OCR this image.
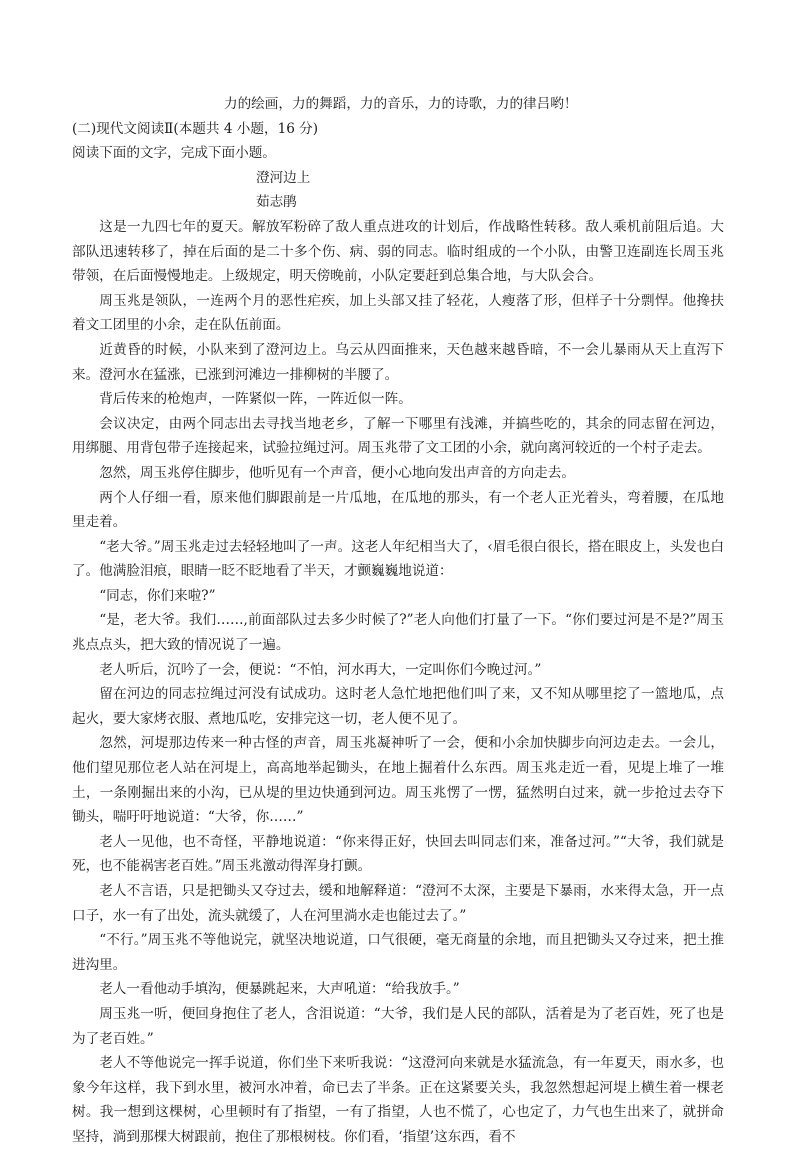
力的绘画，力的舞蹈，力的音乐，力的诗歌，力的律吕哟！

(二)现代文阅读Ⅱ(本题共 4 小题，16 分)

阅读下面的文字，完成下面小题。

澄河边上

茹志鹃

这是一九四七年的夏天。解放军粉碎了敌人重点进攻的计划后，作战略性转移。敌人乘机前阻后追。大部队迅速转移了，掉在后面的是二十多个伤、病、弱的同志。临时组成的一个小队，由警卫连副连长周玉兆带领，在后面慢慢地走。上级规定，明天傍晚前，小队定要赶到总集合地，与大队会合。

周玉兆是领队，一连两个月的恶性疟疾，加上头部又挂了轻花，人瘦落了形，但样子十分剽悍。他搀扶着文工团里的小余，走在队伍前面。

近黄昏的时候，小队来到了澄河边上。乌云从四面推来，天色越来越昏暗，不一会儿暴雨从天上直泻下来。澄河水在猛涨，已涨到河滩边一排柳树的半腰了。

背后传来的枪炮声，一阵紧似一阵，一阵近似一阵。

会议决定，由两个同志出去寻找当地老乡，了解一下哪里有浅滩，并搞些吃的，其余的同志留在河边，用绑腿、用背包带子连接起来，试验拉绳过河。周玉兆带了文工团的小余，就向离河较近的一个村子走去。

忽然，周玉兆停住脚步，他听见有一个声音，便小心地向发出声音的方向走去。

两个人仔细一看，原来他们脚跟前是一片瓜地，在瓜地的那头，有一个老人正光着头，弯着腰，在瓜地里走着。

“老大爷。”周玉兆走过去轻轻地叫了一声。这老人年纪相当大了，‹眉毛很白很长，搭在眼皮上，头发也白了。他满脸泪痕，眼睛一眨不眨地看了半天，才颤巍巍地说道：

“同志，你们来啦?”

“是，老大爷。我们……,前面部队过去多少时候了?”老人向他们打量了一下。“你们要过河是不是?”周玉兆点点头，把大致的情况说了一遍。

老人听后，沉吟了一会，便说：“不怕，河水再大，一定叫你们今晚过河。”

留在河边的同志拉绳过河没有试成功。这时老人急忙地把他们叫了来，又不知从哪里挖了一篮地瓜，点起火，要大家烤衣服、煮地瓜吃，安排完这一切，老人便不见了。

忽然，河堤那边传来一种古怪的声音，周玉兆凝神听了一会，便和小余加快脚步向河边走去。一会儿，他们望见那位老人站在河堤上，高高地举起锄头，在地上掘着什么东西。周玉兆走近一看，见堤上堆了一堆土，一条刚掘出来的小沟，已从堤的里边快通到河边。周玉兆愣了一愣，猛然明白过来，就一步抢过去夺下锄头，喘吁吁地说道：“大爷，你……”

老人一见他，也不奇怪，平静地说道：“你来得正好，快回去叫同志们来，准备过河。”“大爷，我们就是死，也不能祸害老百姓。”周玉兆激动得浑身打颤。

老人不言语，只是把锄头又夺过去，缓和地解释道：“澄河不太深，主要是下暴雨，水来得太急，开一点口子，水一有了出处，流头就缓了，人在河里淌水走也能过去了。”

“不行。”周玉兆不等他说完，就坚决地说道，口气很硬，毫无商量的余地，而且把锄头又夺过来，把土推进沟里。

老人一看他动手填沟，便暴跳起来，大声吼道：“给我放手。”

周玉兆一听，便回身抱住了老人，含泪说道：“大爷，我们是人民的部队，活着是为了老百姓，死了也是为了老百姓。”

老人不等他说完一挥手说道，你们坐下来听我说：“这澄河向来就是水猛流急，有一年夏天，雨水多，也象今年这样，我下到水里，被河水冲着，命已去了半条。正在这紧要关头，我忽然想起河堤上横生着一棵老树。我一想到这棵树，心里顿时有了指望，一有了指望，人也不慌了，心也定了，力气也生出来了，就拼命坚持，淌到那棵大树跟前，抱住了那根树枝。你们看，‘指望’这东西，看不
